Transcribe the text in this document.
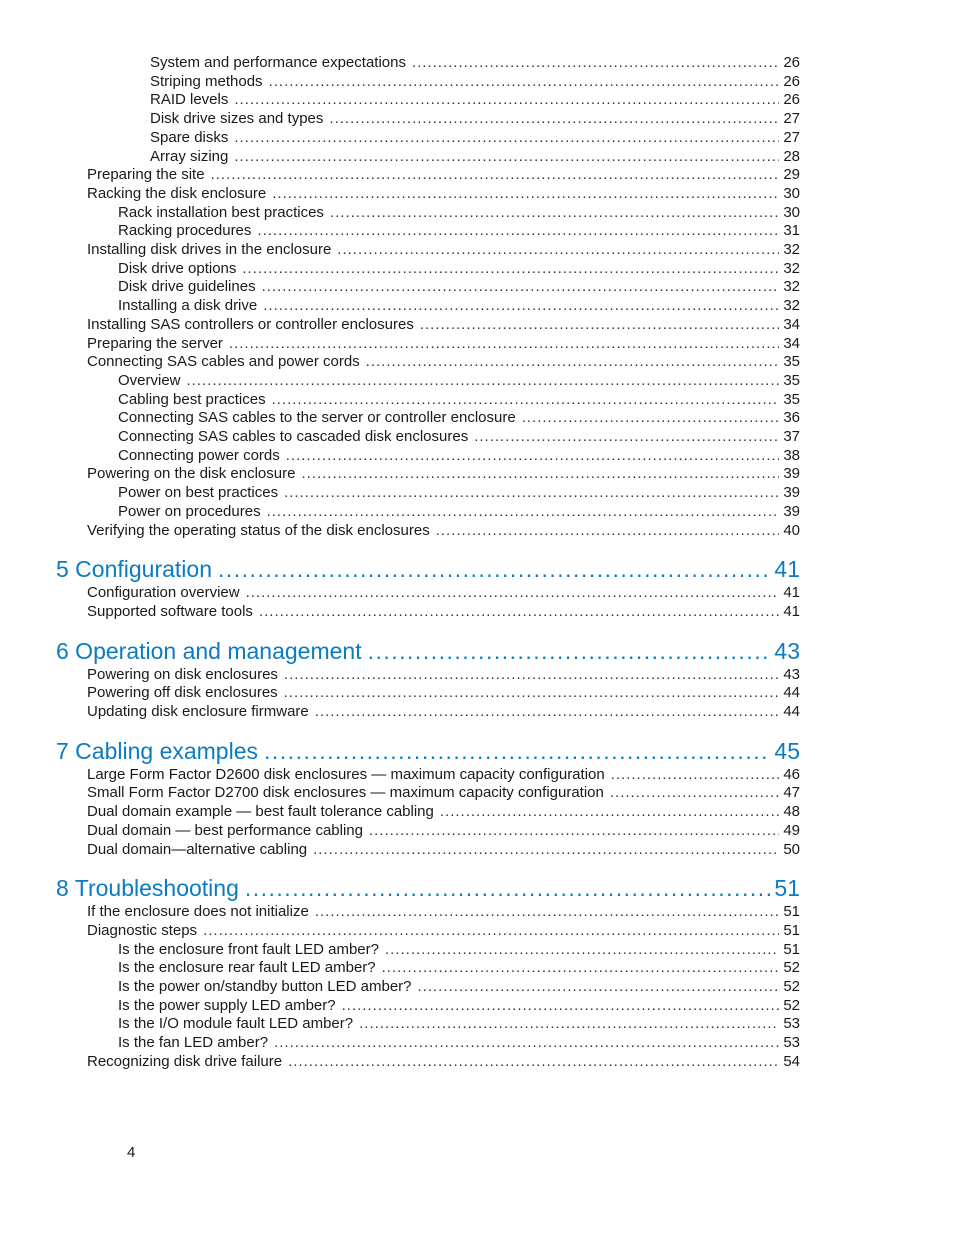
System and performance expectations .....	26
Striping methods .....	26
RAID levels .....	26
Disk drive sizes and types .....	27
Spare disks .....	27
Array sizing .....	28
Preparing the site .....	29
Racking the disk enclosure .....	30
Rack installation best practices .....	30
Racking procedures .....	31
Installing disk drives in the enclosure .....	32
Disk drive options .....	32
Disk drive guidelines .....	32
Installing a disk drive .....	32
Installing SAS controllers or controller enclosures .....	34
Preparing the server .....	34
Connecting SAS cables and power cords .....	35
Overview .....	35
Cabling best practices .....	35
Connecting SAS cables to the server or controller enclosure .....	36
Connecting SAS cables to cascaded disk enclosures .....	37
Connecting power cords .....	38
Powering on the disk enclosure .....	39
Power on best practices .....	39
Power on procedures .....	39
Verifying the operating status of the disk enclosures .....	40
5 Configuration .....	41
Configuration overview .....	41
Supported software tools .....	41
6 Operation and management .....	43
Powering on disk enclosures .....	43
Powering off disk enclosures .....	44
Updating disk enclosure firmware .....	44
7 Cabling examples .....	45
Large Form Factor D2600 disk enclosures — maximum capacity configuration .....	46
Small Form Factor D2700 disk enclosures — maximum capacity configuration .....	47
Dual domain example — best fault tolerance cabling .....	48
Dual domain — best performance cabling .....	49
Dual domain—alternative cabling .....	50
8 Troubleshooting .....	51
If the enclosure does not initialize .....	51
Diagnostic steps .....	51
Is the enclosure front fault LED amber? .....	51
Is the enclosure rear fault LED amber? .....	52
Is the power on/standby button LED amber? .....	52
Is the power supply LED amber? .....	52
Is the I/O module fault LED amber? .....	53
Is the fan LED amber? .....	53
Recognizing disk drive failure .....	54
4
